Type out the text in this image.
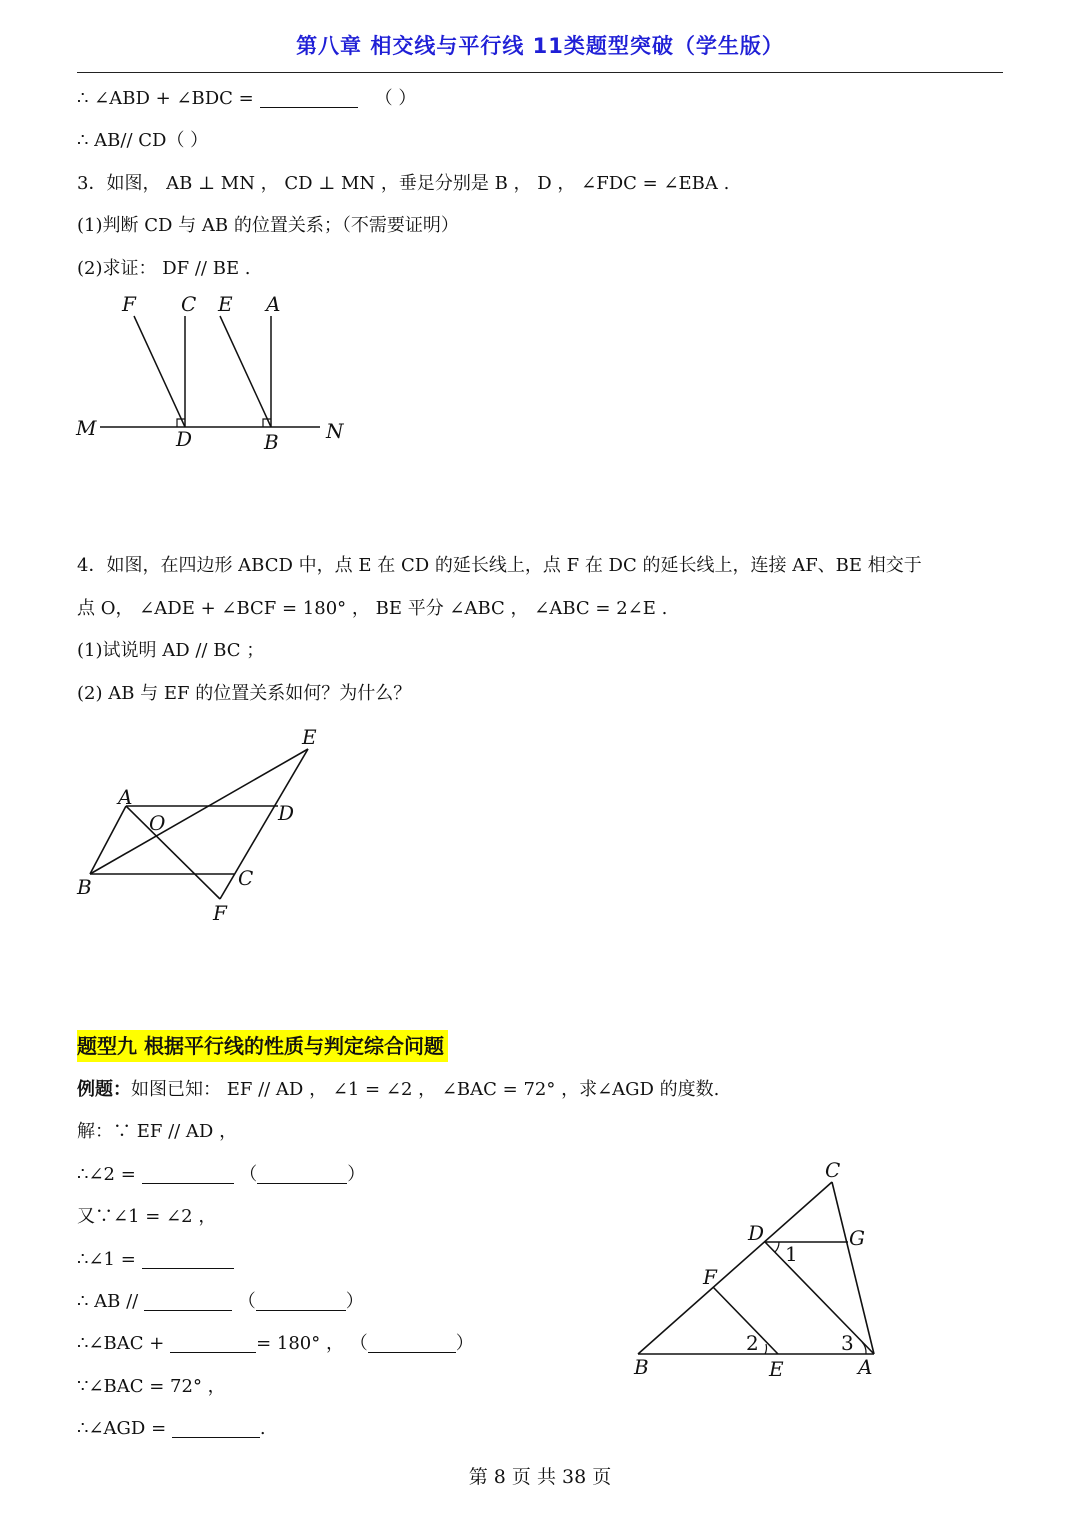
第八章 相交线与平行线 11类题型突破（学生版）
∴ ∠ABD + ∠BDC =	（ ）
∴ AB// CD（ ）
3．如图， AB ⊥ MN ， CD ⊥ MN ，垂足分别是 B ， D ， ∠FDC = ∠EBA .
(1)判断 CD 与 AB 的位置关系；（不需要证明）
(2)求证： DF // BE .
F C E A
M	D	B N
4．如图，在四边形 ABCD 中，点 E 在 CD 的延长线上，点 F 在 DC 的延长线上，连接 AF、BE 相交于
点 O， ∠ADE + ∠BCF = 180° ， BE 平分 ∠ABC ， ∠ABC = 2∠E .
(1)试说明 AD // BC ；
(2) AB 与 EF 的位置关系如何？为什么？
E
A
O	D
B	C
F
题型九 根据平行线的性质与判定综合问题
例题：如图已知： EF // AD ， ∠1 = ∠2 ， ∠BAC = 72° ，求∠AGD 的度数.
解：∵ EF // AD ，
∴∠2 =	（	）
又∵∠1 = ∠2 ，
∴∠1 =
∴ AB //	（	）
∴∠BAC +	= 180° ， （	）
∵∠BAC = 72° ，
∴∠AGD =	.
C
D	G
1
F
2	3
B	E	A
第 8 页 共 38 页
